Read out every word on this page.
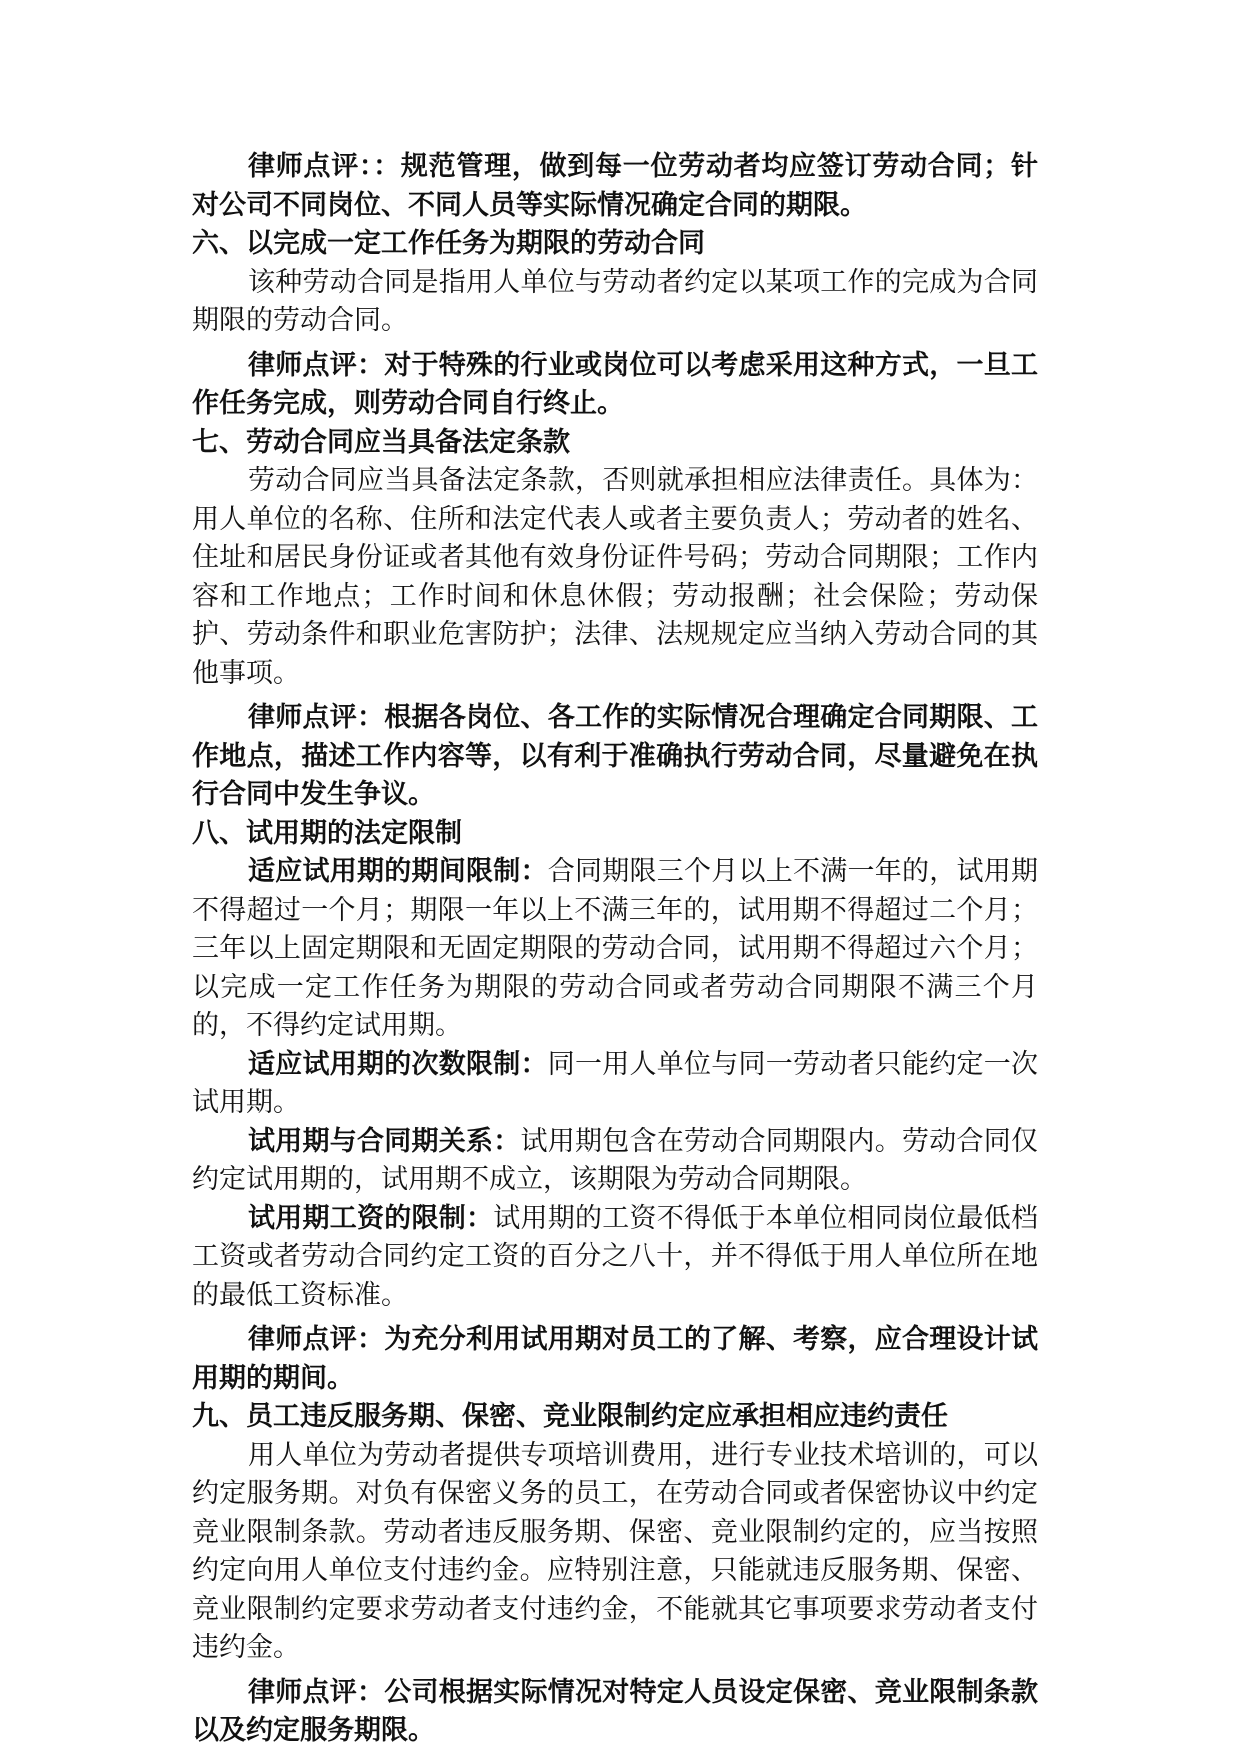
律师点评：：规范管理，做到每一位劳动者均应签订劳动合同；针对公司不同岗位、不同人员等实际情况确定合同的期限。

六、以完成一定工作任务为期限的劳动合同

该种劳动合同是指用人单位与劳动者约定以某项工作的完成为合同期限的劳动合同。

律师点评：对于特殊的行业或岗位可以考虑采用这种方式，一旦工作任务完成，则劳动合同自行终止。

七、劳动合同应当具备法定条款

劳动合同应当具备法定条款，否则就承担相应法律责任。具体为：用人单位的名称、住所和法定代表人或者主要负责人；劳动者的姓名、住址和居民身份证或者其他有效身份证件号码；劳动合同期限；工作内容和工作地点；工作时间和休息休假；劳动报酬；社会保险；劳动保护、劳动条件和职业危害防护；法律、法规规定应当纳入劳动合同的其他事项。

律师点评：根据各岗位、各工作的实际情况合理确定合同期限、工作地点，描述工作内容等，以有利于准确执行劳动合同，尽量避免在执行合同中发生争议。

八、试用期的法定限制

适应试用期的期间限制：合同期限三个月以上不满一年的，试用期不得超过一个月；期限一年以上不满三年的，试用期不得超过二个月；三年以上固定期限和无固定期限的劳动合同，试用期不得超过六个月；以完成一定工作任务为期限的劳动合同或者劳动合同期限不满三个月的，不得约定试用期。

适应试用期的次数限制：同一用人单位与同一劳动者只能约定一次试用期。

试用期与合同期关系：试用期包含在劳动合同期限内。劳动合同仅约定试用期的，试用期不成立，该期限为劳动合同期限。

试用期工资的限制：试用期的工资不得低于本单位相同岗位最低档工资或者劳动合同约定工资的百分之八十，并不得低于用人单位所在地的最低工资标准。

律师点评：为充分利用试用期对员工的了解、考察，应合理设计试用期的期间。

九、员工违反服务期、保密、竞业限制约定应承担相应违约责任

用人单位为劳动者提供专项培训费用，进行专业技术培训的，可以约定服务期。对负有保密义务的员工，在劳动合同或者保密协议中约定竞业限制条款。劳动者违反服务期、保密、竞业限制约定的，应当按照约定向用人单位支付违约金。应特别注意，只能就违反服务期、保密、竞业限制约定要求劳动者支付违约金，不能就其它事项要求劳动者支付违约金。

律师点评：公司根据实际情况对特定人员设定保密、竞业限制条款以及约定服务期限。
